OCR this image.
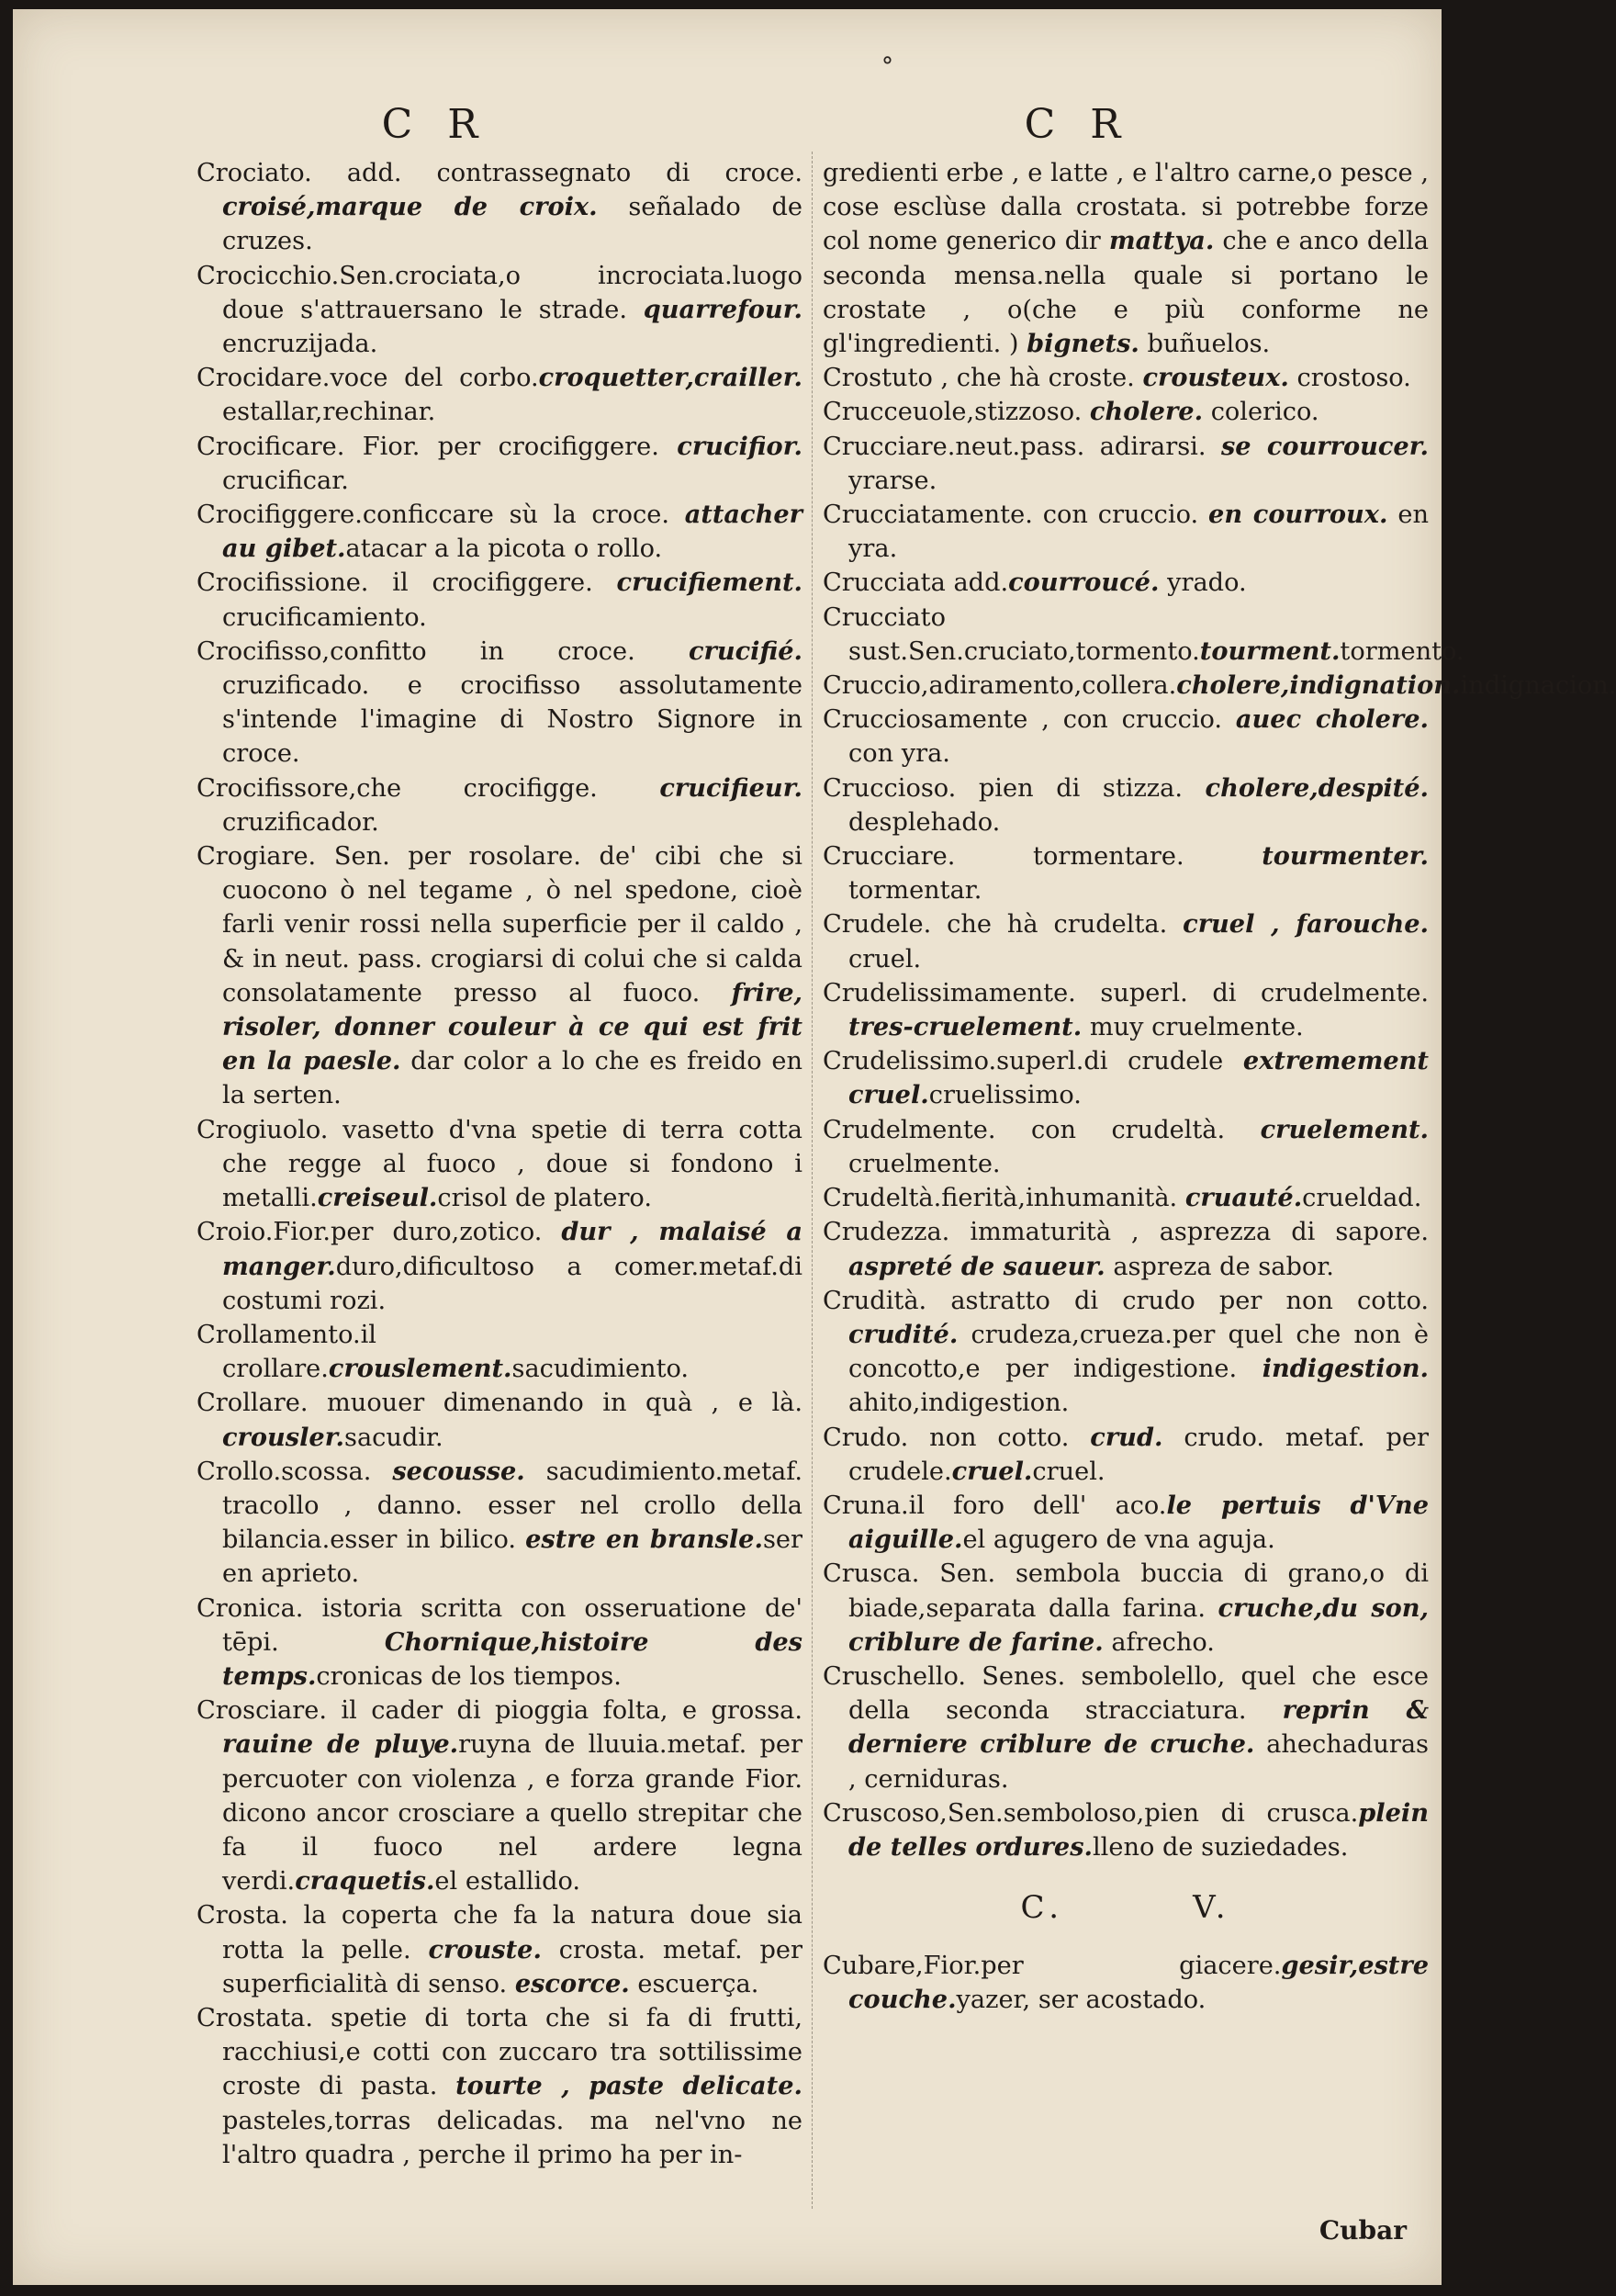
°
C R	C R

Crociato. add. contrassegnato di croce. croisé,marque de croix. señalado de cruzes.

Crocicchio.Sen.crociata,o incrociata.luogo doue s'attrauersano le strade. quarrefour. encruzijada.

Crocidare.voce del corbo.croquetter,crailler. estallar,rechinar.

Crocificare. Fior. per crocifiggere. crucifior. crucificar.

Crocifiggere.conficcare sù la croce. attacher au gibet.atacar a la picota o rollo.

Crocifissione. il crocifiggere. crucifiement. crucificamiento.

Crocifisso,confitto in croce. crucifié. cruzificado. e crocifisso assolutamente s'intende l'imagine di Nostro Signore in croce.

Crocifissore,che crocifigge. crucifieur. cruzificador.

Crogiare. Sen. per rosolare. de' cibi che si cuocono ò nel tegame , ò nel spedone, cioè farli venir rossi nella superficie per il caldo , & in neut. pass. crogiarsi di colui che si calda consolatamente presso al fuoco. frire, risoler, donner couleur à ce qui est frit en la paesle. dar color a lo che es freido en la serten.

Crogiuolo. vasetto d'vna spetie di terra cotta che regge al fuoco , doue si fondono i metalli.creiseul.crisol de platero.

Croio.Fior.per duro,zotico. dur , malaisé a manger.duro,dificultoso a comer.metaf.di costumi rozi.

Crollamento.il crollare.crouslement.sacudimiento.

Crollare. muouer dimenando in quà , e là. crousler.sacudir.

Crollo.scossa. secousse. sacudimiento.metaf. tracollo , danno. esser nel crollo della bilancia.esser in bilico. estre en bransle.ser en aprieto.

Cronica. istoria scritta con osseruatione de' tēpi. Chornique,histoire des temps.cronicas de los tiempos.

Crosciare. il cader di pioggia folta, e grossa. rauine de pluye.ruyna de lluuia.metaf. per percuoter con violenza , e forza grande Fior. dicono ancor crosciare a quello strepitar che fa il fuoco nel ardere legna verdi.craquetis.el estallido.

Crosta. la coperta che fa la natura doue sia rotta la pelle. crouste. crosta. metaf. per superficialità di senso. escorce. escuerça.

Crostata. spetie di torta che si fa di frutti, racchiusi,e cotti con zuccaro tra sottilissime croste di pasta. tourte , paste delicate. pasteles,torras delicadas. ma nel'vno ne l'altro quadra , perche il primo ha per in-

gredienti erbe , e latte , e l'altro carne,o pesce , cose esclùse dalla crostata. si potrebbe forze col nome generico dir mattya. che e anco della seconda mensa.nella quale si portano le crostate , o(che e più conforme ne gl'ingredienti. ) bignets. buñuelos.

Crostuto , che hà croste. crousteux. crostoso.

Crucceuole,stizzoso. cholere. colerico.

Crucciare.neut.pass. adirarsi. se courroucer. yrarse.

Crucciatamente. con cruccio. en courroux. en yra.

Crucciata add.courroucé. yrado.

Crucciato sust.Sen.cruciato,tormento.tourment.tormento.

Cruccio,adiramento,collera.cholere,indignation.indignacion.

Crucciosamente , con cruccio. auec cholere. con yra.

Cruccioso. pien di stizza. cholere,despité. desplehado.

Crucciare. tormentare. tourmenter. tormentar.

Crudele. che hà crudelta. cruel , farouche. cruel.

Crudelissimamente. superl. di crudelmente. tres-cruelement. muy cruelmente.

Crudelissimo.superl.di crudele extremement cruel.cruelissimo.

Crudelmente. con crudeltà. cruelement. cruelmente.

Crudeltà.fierità,inhumanità. cruauté.crueldad.

Crudezza. immaturità , asprezza di sapore. aspreté de saueur. aspreza de sabor.

Crudità. astratto di crudo per non cotto. crudité. crudeza,crueza.per quel che non è concotto,e per indigestione. indigestion. ahito,indigestion.

Crudo. non cotto. crud. crudo. metaf. per crudele.cruel.cruel.

Cruna.il foro dell' aco.le pertuis d'Vne aiguille.el agugero de vna aguja.

Crusca. Sen. sembola buccia di grano,o di biade,separata dalla farina. cruche,du son, criblure de farine. afrecho.

Cruschello. Senes. sembolello, quel che esce della seconda stracciatura. reprin & derniere criblure de cruche. ahechaduras , cerniduras.

Cruscoso,Sen.semboloso,pien di crusca.plein de telles ordures.lleno de suziedades.

C.	V.

Cubare,Fior.per giacere.gesir,estre couche.yazer, ser acostado.

Cubar
